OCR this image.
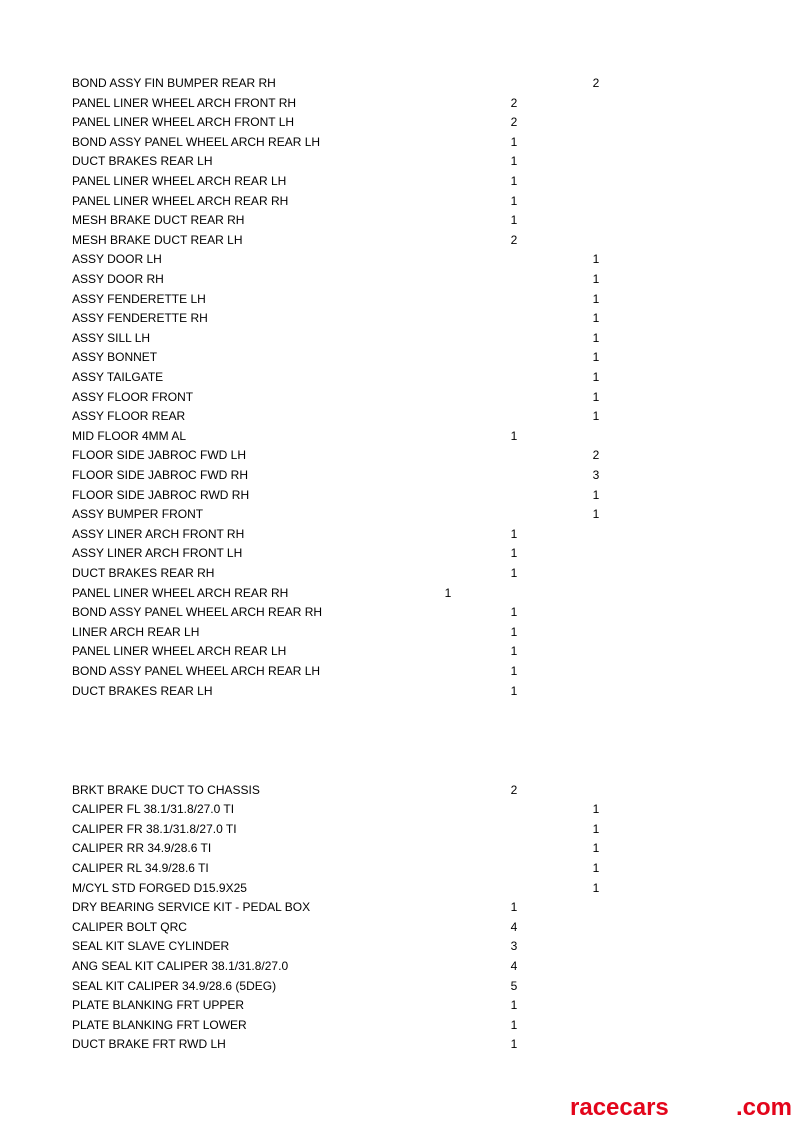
BOND ASSY FIN BUMPER REAR RH	2
PANEL LINER WHEEL ARCH FRONT RH	2
PANEL LINER WHEEL ARCH FRONT LH	2
BOND ASSY PANEL WHEEL ARCH REAR LH	1
DUCT BRAKES REAR LH	1
PANEL LINER WHEEL ARCH REAR LH	1
PANEL LINER WHEEL ARCH REAR RH	1
MESH BRAKE DUCT REAR RH	1
MESH BRAKE DUCT REAR LH	2
ASSY DOOR LH	1
ASSY DOOR RH	1
ASSY FENDERETTE LH	1
ASSY FENDERETTE RH	1
ASSY SILL LH	1
ASSY BONNET	1
ASSY TAILGATE	1
ASSY FLOOR FRONT	1
ASSY FLOOR REAR	1
MID FLOOR 4MM AL	1
FLOOR SIDE JABROC FWD LH	2
FLOOR SIDE JABROC FWD RH	3
FLOOR SIDE JABROC RWD RH	1
ASSY BUMPER FRONT	1
ASSY LINER ARCH FRONT RH	1
ASSY LINER ARCH FRONT LH	1
DUCT BRAKES REAR RH	1
PANEL LINER WHEEL ARCH REAR RH	1
BOND ASSY PANEL WHEEL ARCH REAR RH	1
LINER ARCH REAR LH	1
PANEL LINER WHEEL ARCH REAR LH	1
BOND ASSY PANEL WHEEL ARCH REAR LH	1
DUCT BRAKES REAR LH	1
BRKT BRAKE DUCT TO CHASSIS	2
CALIPER FL 38.1/31.8/27.0 TI	1
CALIPER FR 38.1/31.8/27.0 TI	1
CALIPER RR 34.9/28.6 TI	1
CALIPER RL 34.9/28.6 TI	1
M/CYL STD FORGED D15.9X25	1
DRY BEARING SERVICE KIT - PEDAL BOX	1
CALIPER BOLT QRC	4
SEAL KIT SLAVE CYLINDER	3
ANG SEAL KIT CALIPER 38.1/31.8/27.0	4
SEAL KIT CALIPER 34.9/28.6 (5DEG)	5
PLATE BLANKING FRT UPPER	1
PLATE BLANKING FRT LOWER	1
DUCT BRAKE FRT RWD LH	1
racecars	.com
